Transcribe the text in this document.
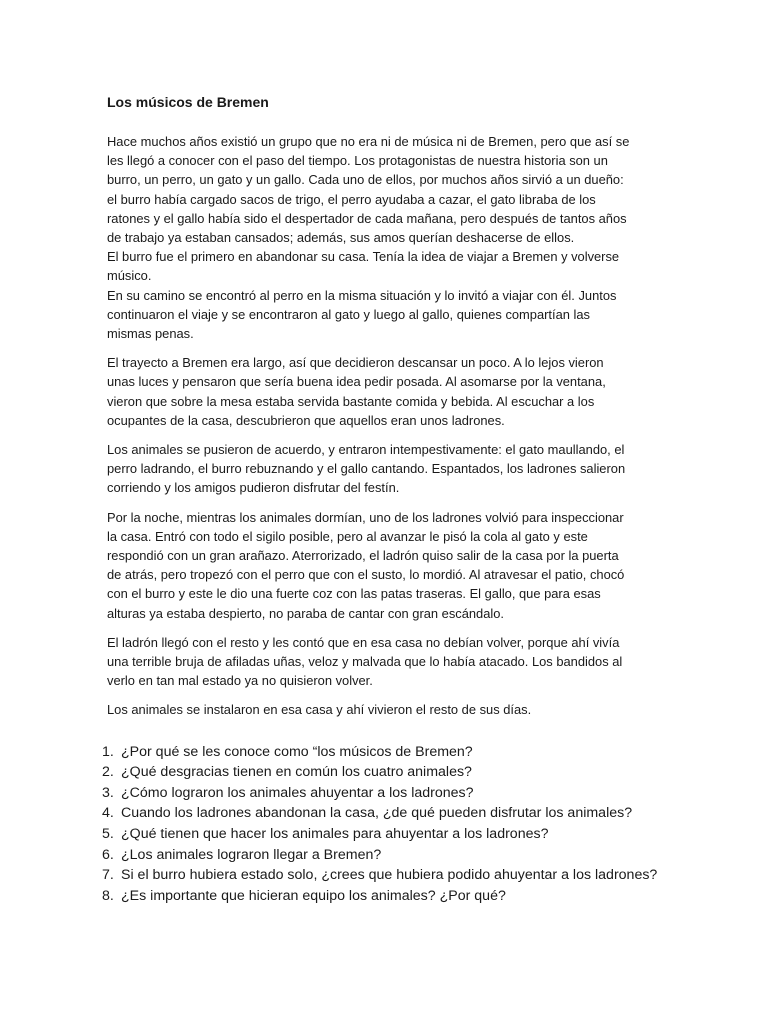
Los músicos de Bremen

Hace muchos años existió un grupo que no era ni de música ni de Bremen, pero que así se
les llegó a conocer con el paso del tiempo. Los protagonistas de nuestra historia son un
burro, un perro, un gato y un gallo. Cada uno de ellos, por muchos años sirvió a un dueño:
el burro había cargado sacos de trigo, el perro ayudaba a cazar, el gato libraba de los
ratones y el gallo había sido el despertador de cada mañana, pero después de tantos años
de trabajo ya estaban cansados; además, sus amos querían deshacerse de ellos.
El burro fue el primero en abandonar su casa. Tenía la idea de viajar a Bremen y volverse
músico.
En su camino se encontró al perro en la misma situación y lo invitó a viajar con él. Juntos
continuaron el viaje y se encontraron al gato y luego al gallo, quienes compartían las
mismas penas.

El trayecto a Bremen era largo, así que decidieron descansar un poco. A lo lejos vieron
unas luces y pensaron que sería buena idea pedir posada. Al asomarse por la ventana,
vieron que sobre la mesa estaba servida bastante comida y bebida. Al escuchar a los
ocupantes de la casa, descubrieron que aquellos eran unos ladrones.

Los animales se pusieron de acuerdo, y entraron intempestivamente: el gato maullando, el
perro ladrando, el burro rebuznando y el gallo cantando. Espantados, los ladrones salieron
corriendo y los amigos pudieron disfrutar del festín.

Por la noche, mientras los animales dormían, uno de los ladrones volvió para inspeccionar
la casa. Entró con todo el sigilo posible, pero al avanzar le pisó la cola al gato y este
respondió con un gran arañazo. Aterrorizado, el ladrón quiso salir de la casa por la puerta
de atrás, pero tropezó con el perro que con el susto, lo mordió. Al atravesar el patio, chocó
con el burro y este le dio una fuerte coz con las patas traseras. El gallo, que para esas
alturas ya estaba despierto, no paraba de cantar con gran escándalo.

El ladrón llegó con el resto y les contó que en esa casa no debían volver, porque ahí vivía
una terrible bruja de afiladas uñas, veloz y malvada que lo había atacado. Los bandidos al
verlo en tan mal estado ya no quisieron volver.

Los animales se instalaron en esa casa y ahí vivieron el resto de sus días.

1. ¿Por qué se les conoce como “los músicos de Bremen?
2. ¿Qué desgracias tienen en común los cuatro animales?
3. ¿Cómo lograron los animales ahuyentar a los ladrones?
4. Cuando los ladrones abandonan la casa, ¿de qué pueden disfrutar los animales?
5. ¿Qué tienen que hacer los animales para ahuyentar a los ladrones?
6. ¿Los animales lograron llegar a Bremen?
7. Si el burro hubiera estado solo, ¿crees que hubiera podido ahuyentar a los ladrones?
8. ¿Es importante que hicieran equipo los animales? ¿Por qué?
